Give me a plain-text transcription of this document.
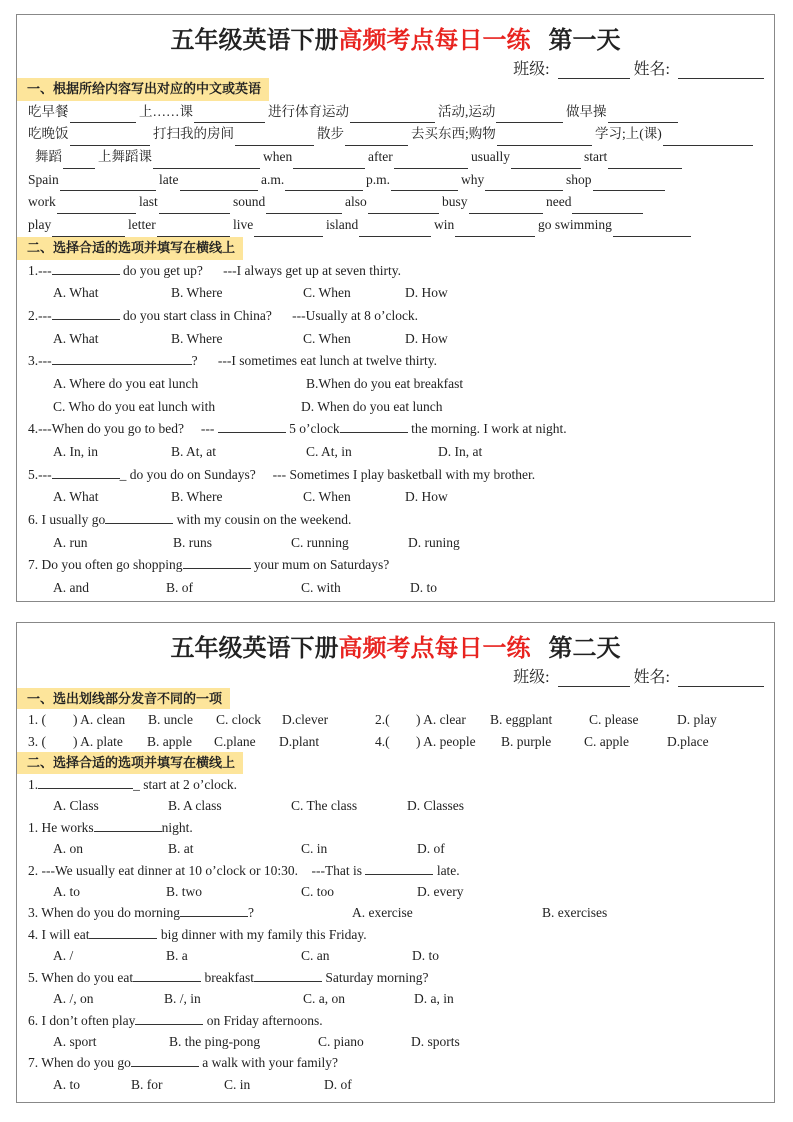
五年级英语下册高频考点每日一练 第一天
班级:	姓名:
一、根据所给内容写出对应的中文或英语
吃早餐	上……课	进行体育运动	活动,运动	做早操
吃晚饭	打扫我的房间	散步	去买东西;购物	学习;上(课)
舞蹈	上舞蹈课	when	after	usually	start
Spain	late	a.m.	p.m.	why	shop
work	last	sound	also	busy	need
play	letter	live	island	win	go swimming
二、选择合适的选项并填写在横线上
1.---	do you get up?      ---I always get up at seven thirty.
A. What	B. Where	C. When	D. How
2.---	do you start class in China?      ---Usually at 8 o’clock.
A. What	B. Where	C. When	D. How
3.---	?      ---I sometimes eat lunch at twelve thirty.
A. Where do you eat lunch	B.When do you eat breakfast
C. Who do you eat lunch with	D. When do you eat lunch
4.---When do you go to bed?     ---	5 o’clock	the morning. I work at night.
A. In, in	B. At, at	C. At, in	D. In, at
5.---	_ do you do on Sundays?     --- Sometimes I play basketball with my brother.
A. What	B. Where	C. When	D. How
6. I usually go	with my cousin on the weekend.
A. run	B. runs	C. running	D. runing
7. Do you often go shopping	your mum on Saturdays?
A. and	B. of	C. with	D. to
五年级英语下册高频考点每日一练 第二天
班级:	姓名:
一、选出划线部分发音不同的一项
1. ( ) A. clean B. uncle C. clock D.clever	2.( ) A. clear B. eggplant	C. please	D. play
3. ( ) A. plate B. apple C.plane D.plant	4.( ) A. people B. purple C. apple	D.place
二、选择合适的选项并填写在横线上
1.	_ start at 2 o’clock.
A. Class	B. A class	C. The class	D. Classes
1. He works	night.
A. on	B. at	C. in	D. of
2. ---We usually eat dinner at 10 o’clock or 10:30.    ---That is	late.
A. to	B. two	C. too	D. every
3. When do you do morning	?	A. exercise	B. exercises
4. I will eat	big dinner with my family this Friday.
A. /	B. a	C. an	D. to
5. When do you eat	breakfast	Saturday morning?
A. /, on	B. /, in	C. a, on	D. a, in
6. I don’t often play	on Friday afternoons.
A. sport	B. the ping-pong	C. piano	D. sports
7. When do you go	a walk with your family?
A. to	B. for	C. in	D. of
